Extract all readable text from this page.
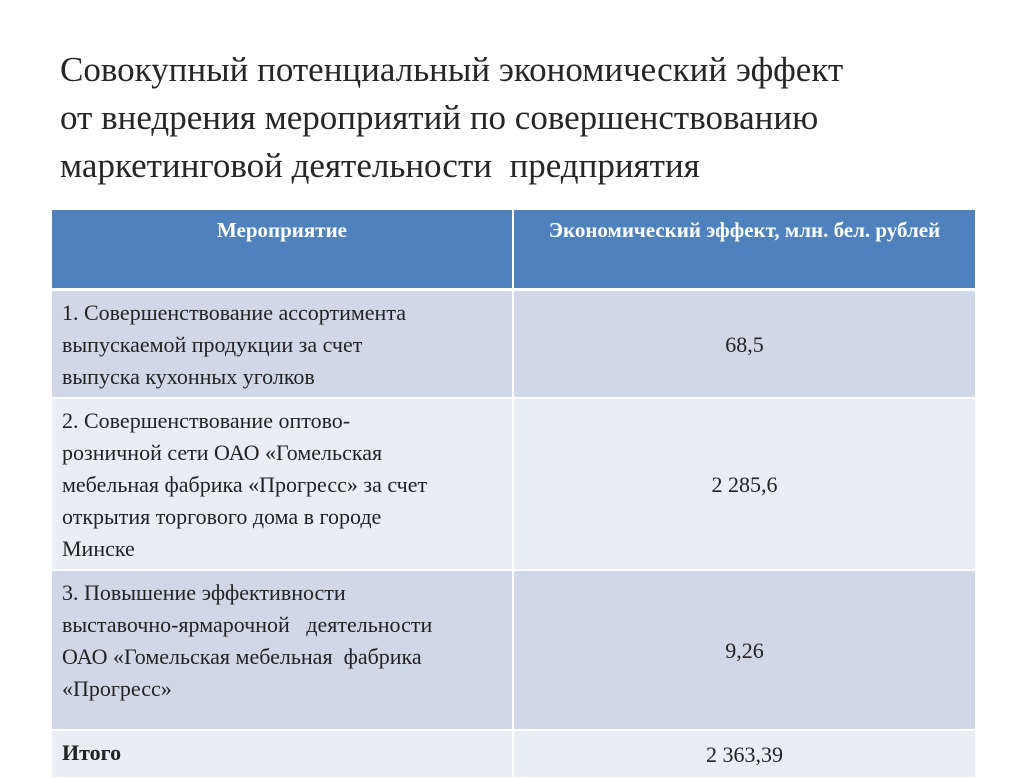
Совокупный потенциальный экономический эффект
от внедрения мероприятий по совершенствованию
маркетинговой деятельности  предприятия
Мероприятие	Экономический эффект, млн. бел. рублей

1. Совершенствование ассортимента
выпускаемой продукции за счет
выпуска кухонных уголков	68,5

2. Совершенствование оптово-
розничной сети ОАО «Гомельская
мебельная фабрика «Прогресс» за счет
открытия торгового дома в городе
Минске	2 285,6

3. Повышение эффективности
выставочно-ярмарочной   деятельности
ОАО «Гомельская мебельная  фабрика
«Прогресс»	9,26
Итого	2 363,39
